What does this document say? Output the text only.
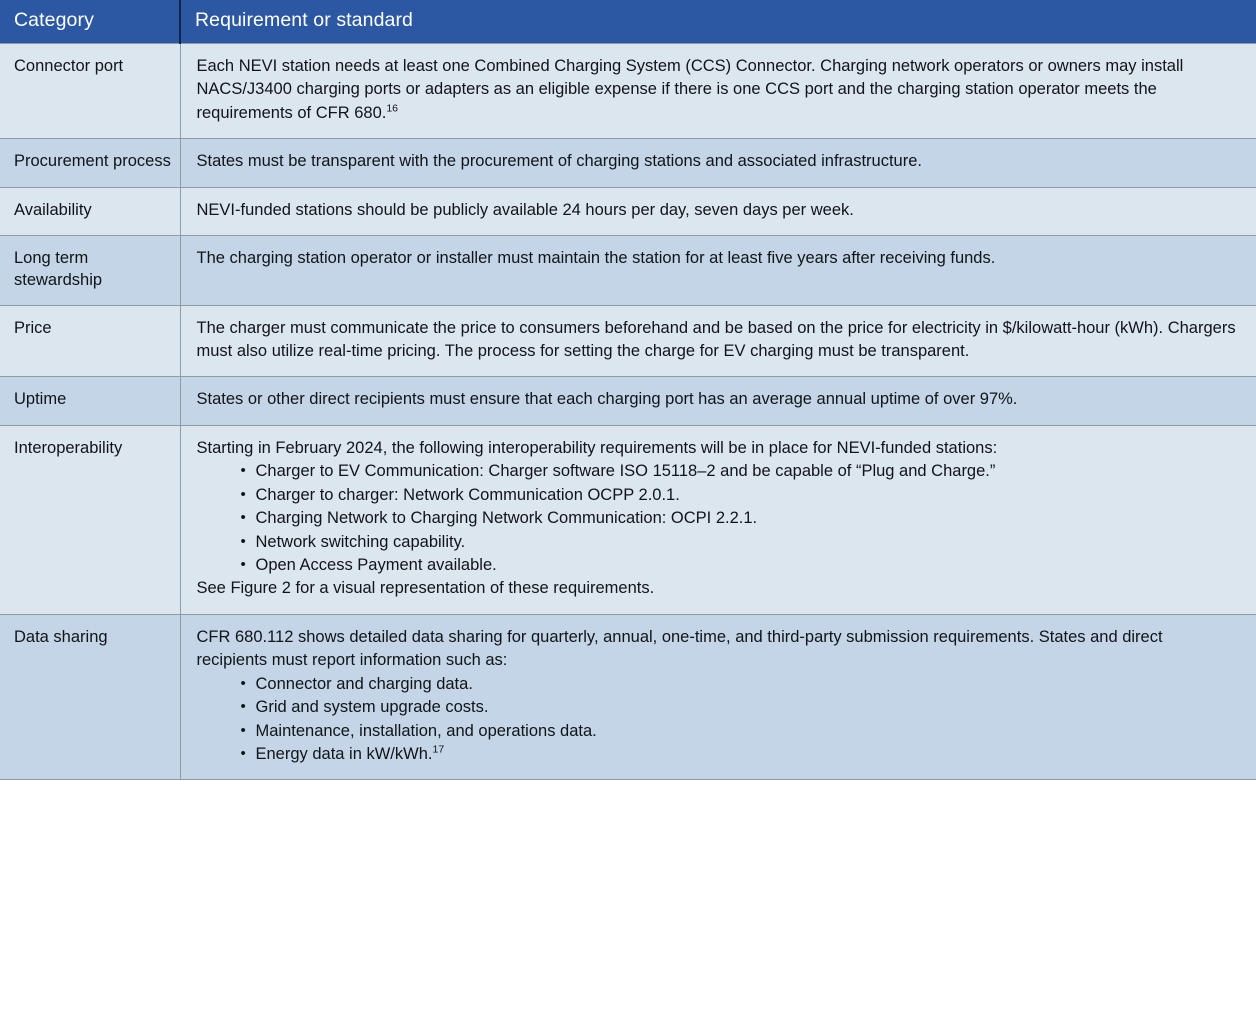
Category	Requirement or standard
Connector port	Each NEVI station needs at least one Combined Charging System (CCS) Connector. Charging network operators or owners may install NACS/J3400 charging ports or adapters as an eligible expense if there is one CCS port and the charging station operator meets the requirements of CFR 680.16

Procurement process	States must be transparent with the procurement of charging stations and associated infrastructure.

Availability	NEVI-funded stations should be publicly available 24 hours per day, seven days per week.

Long term stewardship	The charging station operator or installer must maintain the station for at least five years after receiving funds.

Price	The charger must communicate the price to consumers beforehand and be based on the price for electricity in $/kilowatt-hour (kWh). Chargers must also utilize real-time pricing. The process for setting the charge for EV charging must be transparent.

Uptime	States or other direct recipients must ensure that each charging port has an average annual uptime of over 97%.

Interoperability	Starting in February 2024, the following interoperability requirements will be in place for NEVI-funded stations:
• Charger to EV Communication: Charger software ISO 15118–2 and be capable of “Plug and Charge.”
• Charger to charger: Network Communication OCPP 2.0.1.
• Charging Network to Charging Network Communication: OCPI 2.2.1.
• Network switching capability.
• Open Access Payment available.
See Figure 2 for a visual representation of these requirements.

Data sharing	CFR 680.112 shows detailed data sharing for quarterly, annual, one-time, and third-party submission requirements. States and direct recipients must report information such as:
• Connector and charging data.
• Grid and system upgrade costs.
• Maintenance, installation, and operations data.
• Energy data in kW/kWh.$^{17}$
